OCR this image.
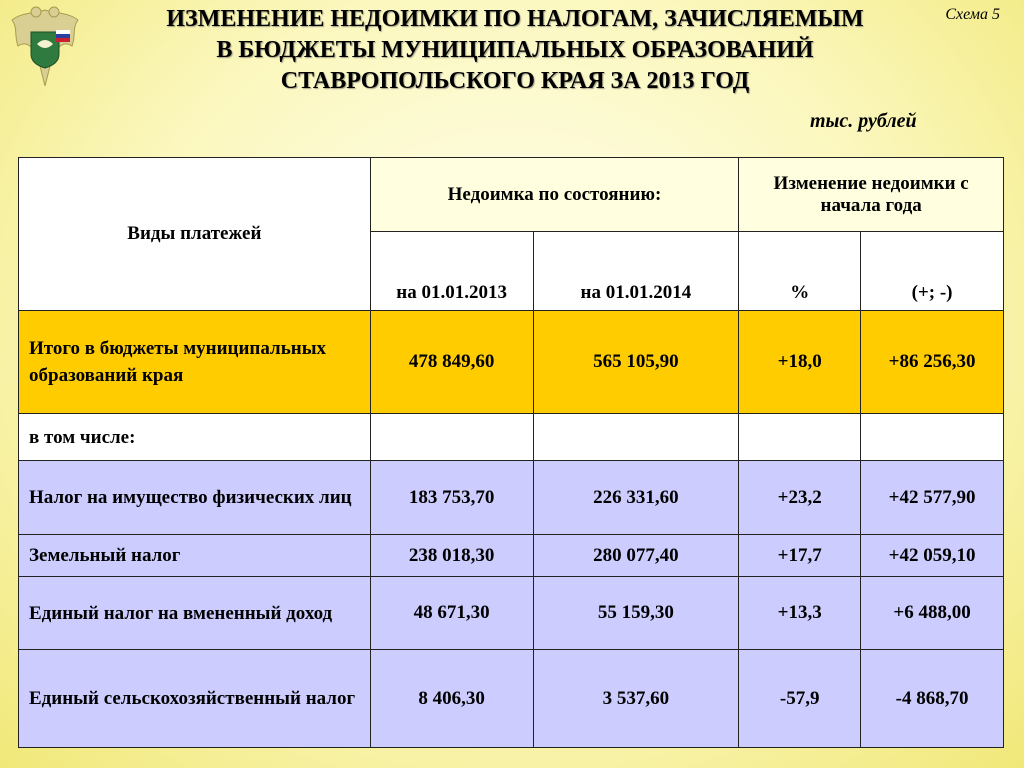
ИЗМЕНЕНИЕ НЕДОИМКИ ПО НАЛОГАМ, ЗАЧИСЛЯЕМЫМ
В БЮДЖЕТЫ МУНИЦИПАЛЬНЫХ ОБРАЗОВАНИЙ
СТАВРОПОЛЬСКОГО КРАЯ ЗА 2013 ГОД
Схема 5
тыс. рублей
Виды платежей	Недоимка по состоянию:		Изменение недоимки с начала года	
	на 01.01.2013	на 01.01.2014	%	(+; -)
Итого в бюджеты муниципальных образований края	478 849,60	565 105,90	+18,0	+86 256,30
в том числе:				
Налог на имущество физических лиц	183 753,70	226 331,60	+23,2	+42 577,90
Земельный налог	238 018,30	280 077,40	+17,7	+42 059,10
Единый налог на вмененный доход	48 671,30	55 159,30	+13,3	+6 488,00
Единый сельскохозяйственный налог	8 406,30	3 537,60	-57,9	-4 868,70
